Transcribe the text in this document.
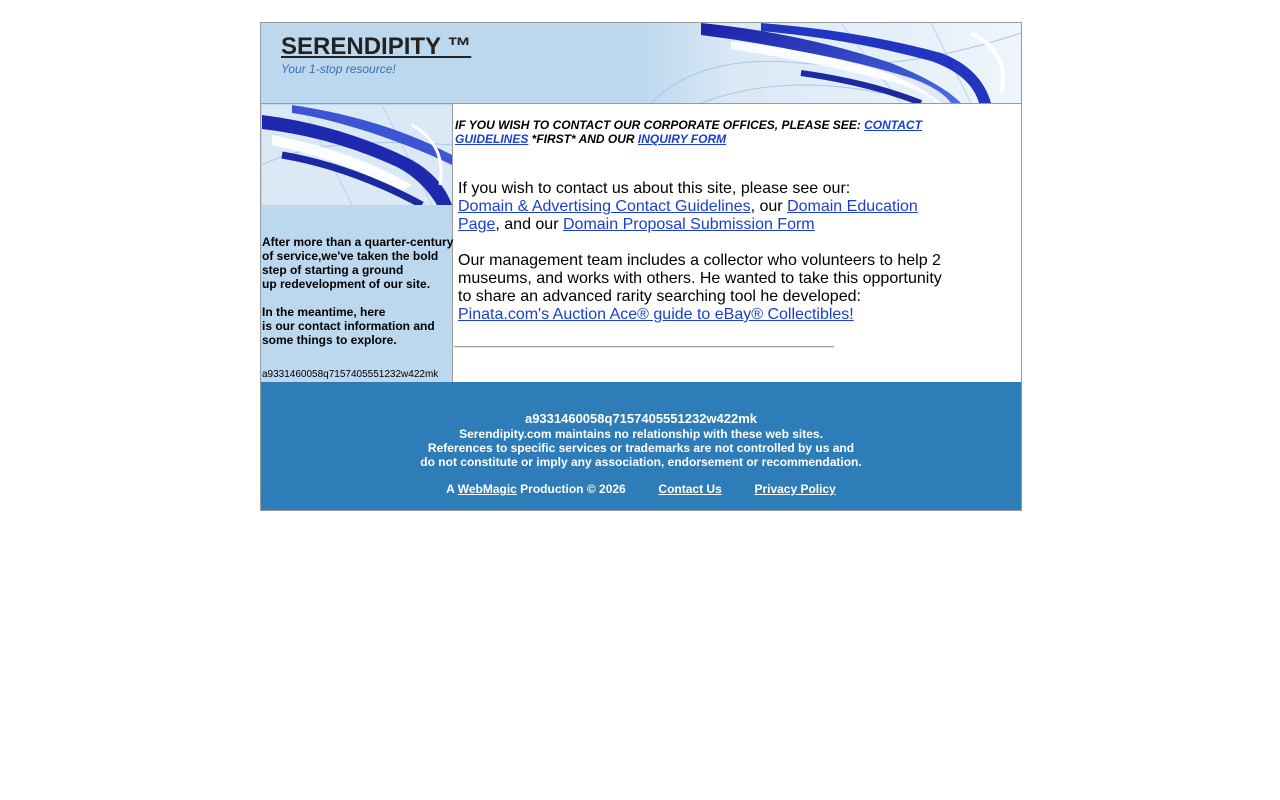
SERENDIPITY ™
Your 1-stop resource!

After more than a quarter-century
of service,we've taken the bold
step of starting a ground
up redevelopment of our site.

In the meantime, here
is our contact information and
some things to explore.

a9331460058q7157405551232w422mk
IF YOU WISH TO CONTACT OUR CORPORATE OFFICES, PLEASE SEE: CONTACT GUIDELINES *FIRST* AND OUR INQUIRY FORM

If you wish to contact us about this site, please see our:
Domain & Advertising Contact Guidelines, our Domain Education Page, and our Domain Proposal Submission Form

Our management team includes a collector who volunteers to help 2 museums, and works with others. He wanted to take this opportunity to share an advanced rarity searching tool he developed:
Pinata.com's Auction Ace® guide to eBay® Collectibles!

a9331460058q7157405551232w422mk
Serendipity.com maintains no relationship with these web sites.
References to specific services or trademarks are not controlled by us and
do not constitute or imply any association, endorsement or recommendation.
A WebMagic Production © 2026	Contact Us	Privacy Policy
